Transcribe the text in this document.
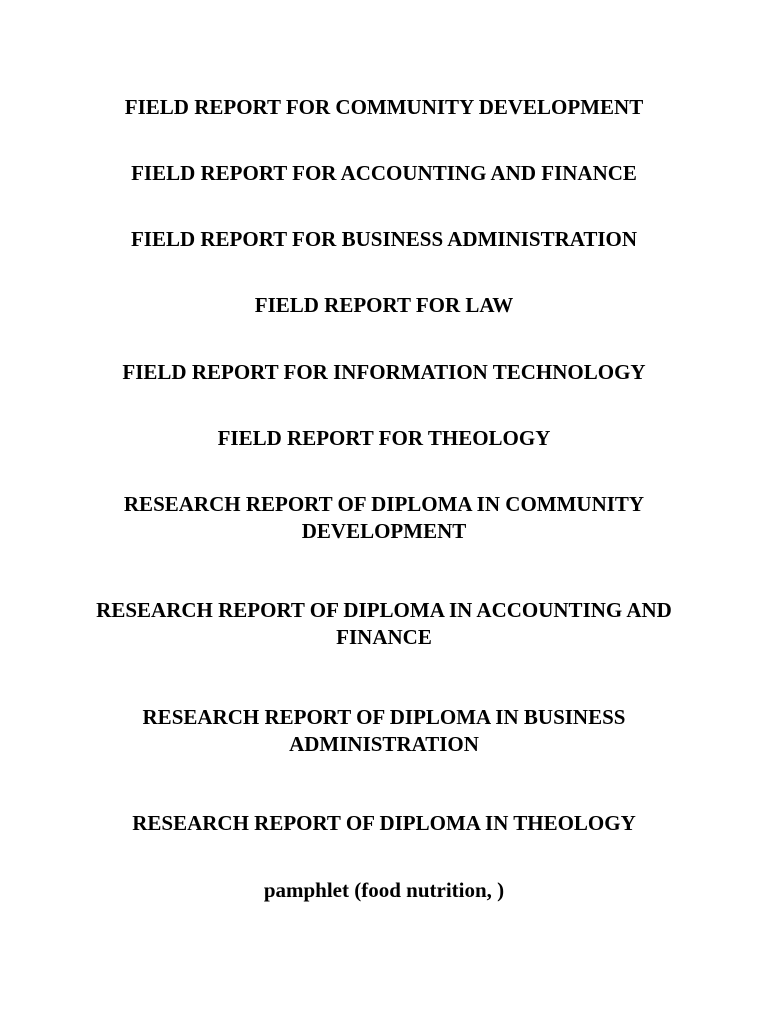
FIELD REPORT FOR COMMUNITY DEVELOPMENT
FIELD REPORT FOR ACCOUNTING AND FINANCE
FIELD REPORT FOR BUSINESS ADMINISTRATION
FIELD REPORT FOR LAW
FIELD REPORT FOR INFORMATION TECHNOLOGY
FIELD REPORT FOR THEOLOGY
RESEARCH REPORT OF DIPLOMA IN COMMUNITY DEVELOPMENT
RESEARCH REPORT OF DIPLOMA IN ACCOUNTING AND FINANCE
RESEARCH REPORT OF DIPLOMA IN BUSINESS ADMINISTRATION
RESEARCH REPORT OF DIPLOMA IN THEOLOGY
pamphlet (food nutrition, )
